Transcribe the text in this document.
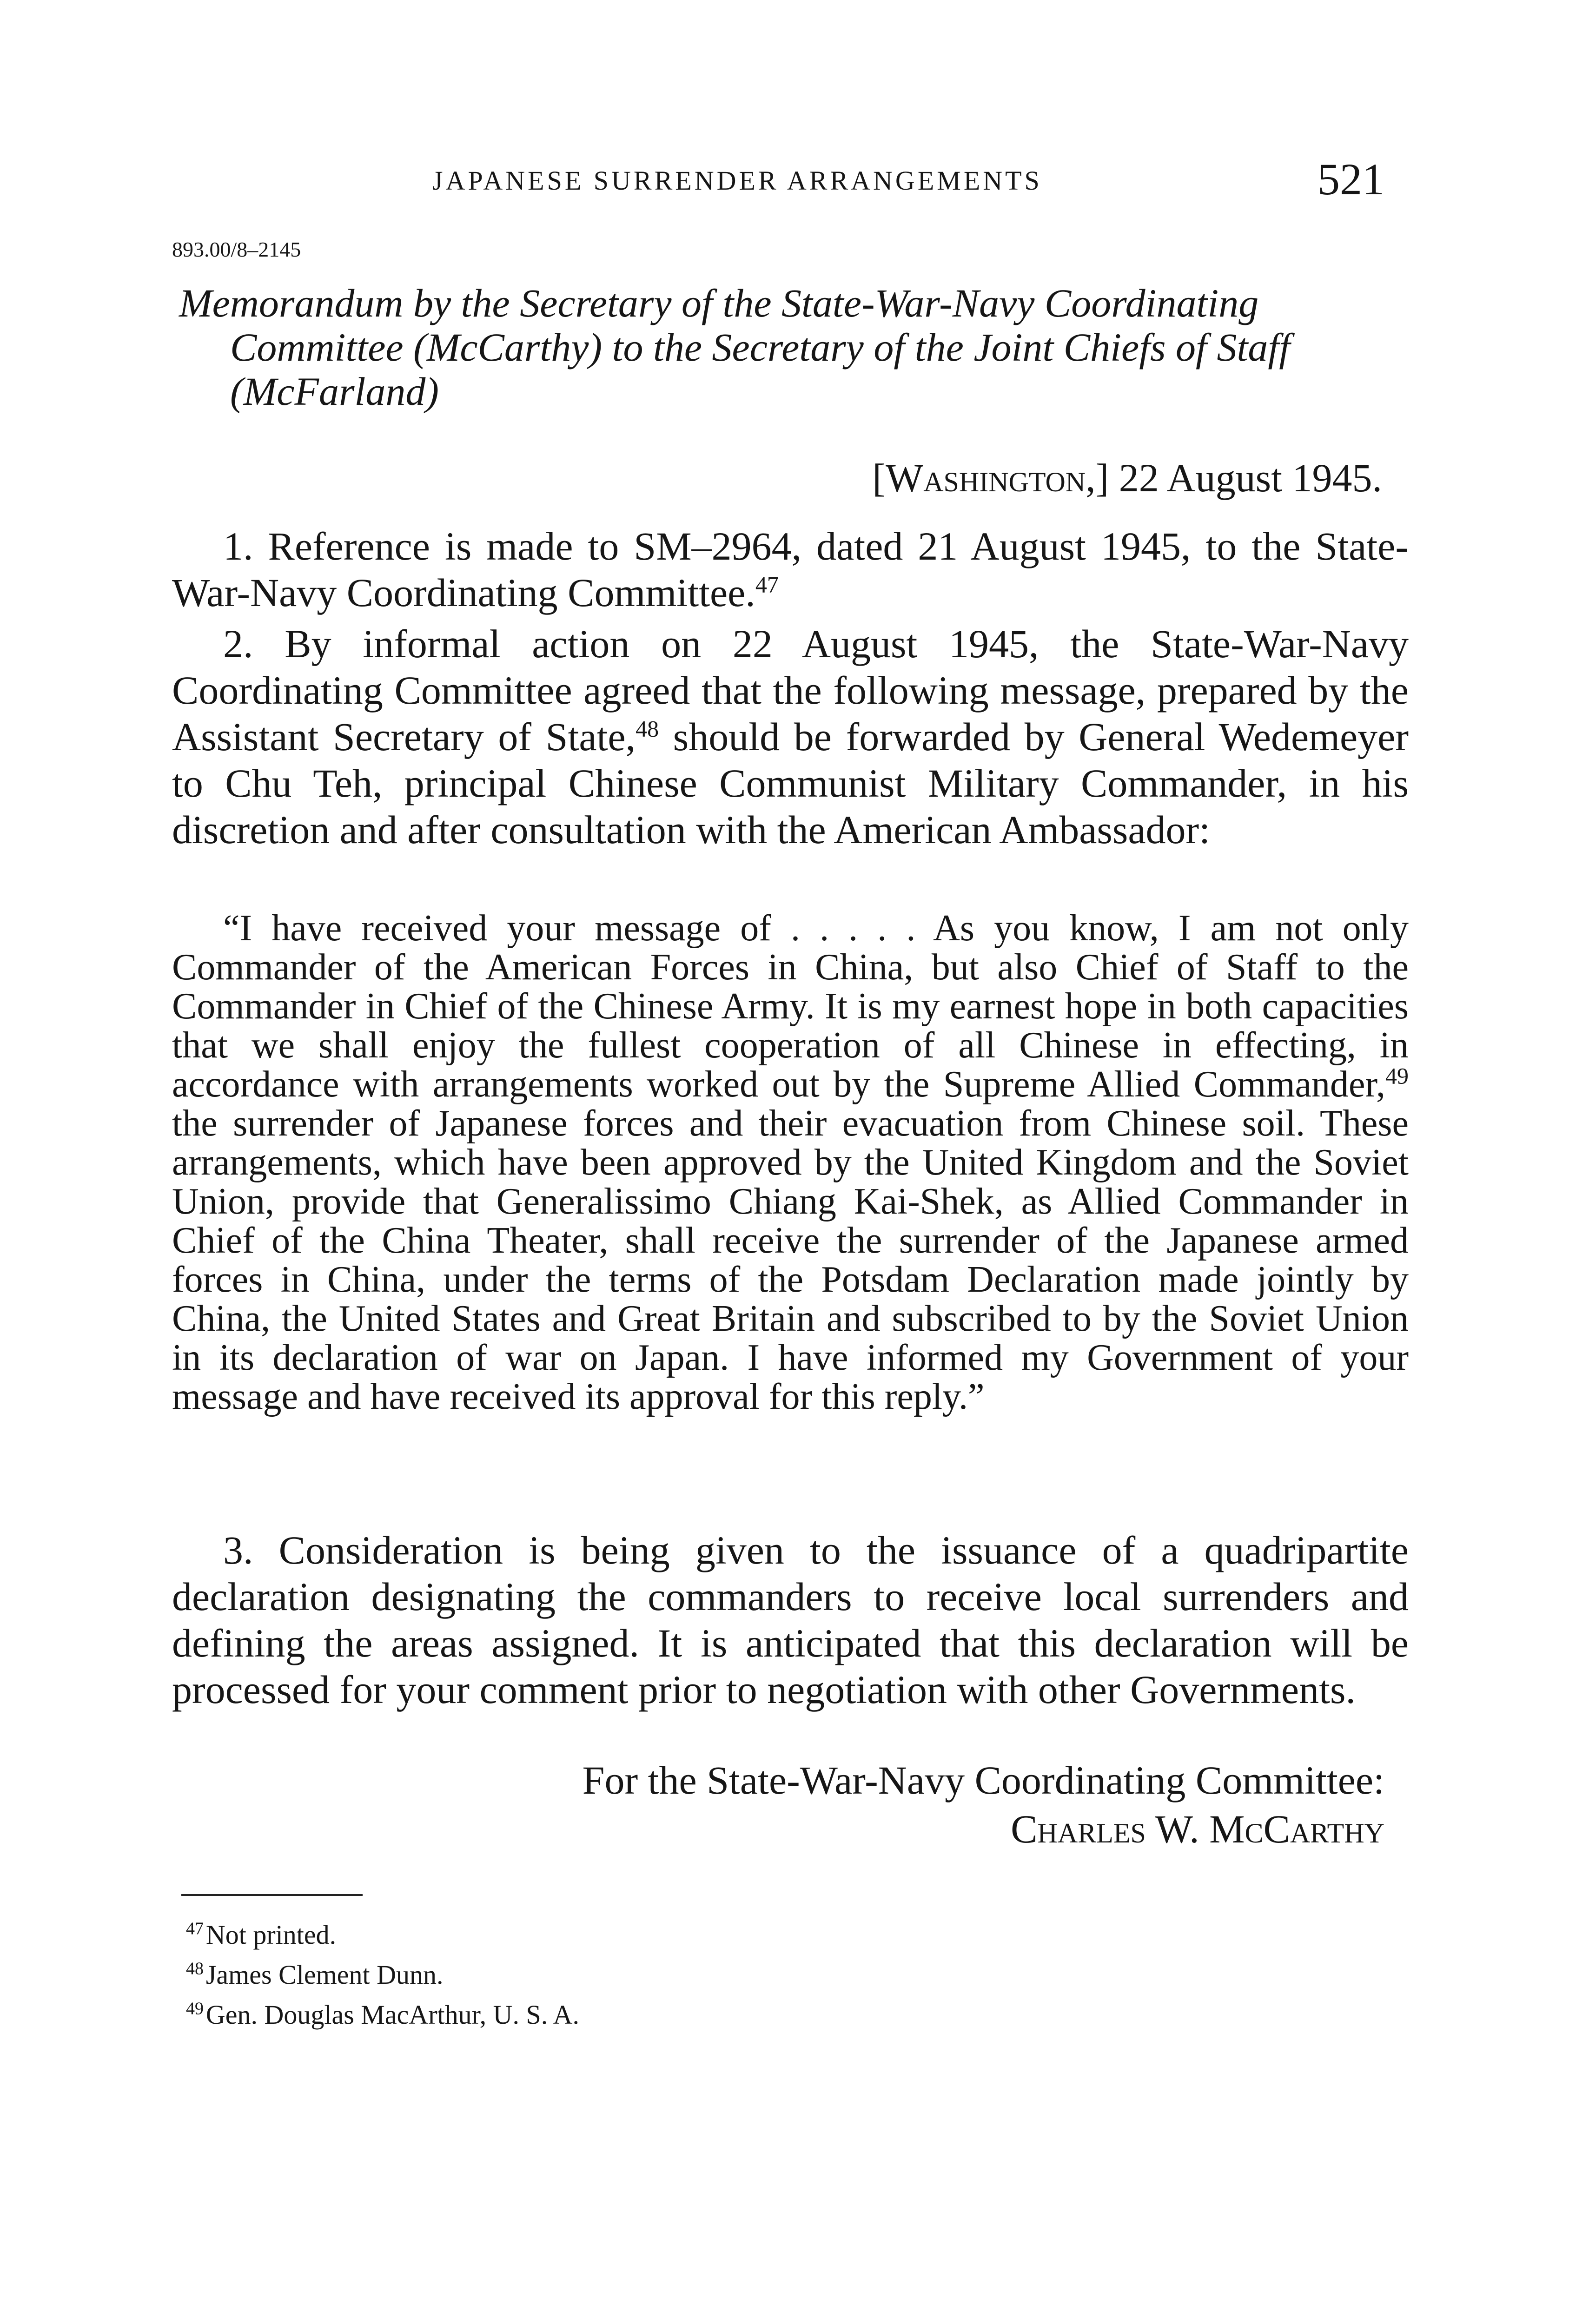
JAPANESE SURRENDER ARRANGEMENTS	521
893.00/8–2145
Memorandum by the Secretary of the State-War-Navy Coordinating
Committee (McCarthy) to the Secretary of the Joint Chiefs of Staff
(McFarland)
[Washington,] 22 August 1945.

1. Reference is made to SM–2964, dated 21 August 1945, to the State-War-Navy Coordinating Committee.$^{47}$

2. By informal action on 22 August 1945, the State-War-Navy Coordinating Committee agreed that the following message, prepared by the Assistant Secretary of State,$^{48}$ should be forwarded by General Wedemeyer to Chu Teh, principal Chinese Communist Military Commander, in his discretion and after consultation with the American Ambassador:

“I have received your message of . . . . . As you know, I am not only Commander of the American Forces in China, but also Chief of Staff to the Commander in Chief of the Chinese Army. It is my earnest hope in both capacities that we shall enjoy the fullest cooperation of all Chinese in effecting, in accordance with arrangements worked out by the Supreme Allied Commander,$^{49}$ the surrender of Japanese forces and their evacuation from Chinese soil. These arrangements, which have been approved by the United Kingdom and the Soviet Union, provide that Generalissimo Chiang Kai-Shek, as Allied Commander in Chief of the China Theater, shall receive the surrender of the Japanese armed forces in China, under the terms of the Potsdam Declaration made jointly by China, the United States and Great Britain and subscribed to by the Soviet Union in its declaration of war on Japan. I have informed my Government of your message and have received its approval for this reply.”

3. Consideration is being given to the issuance of a quadripartite declaration designating the commanders to receive local surrenders and defining the areas assigned. It is anticipated that this declaration will be processed for your comment prior to negotiation with other Governments.

For the State-War-Navy Coordinating Committee:
Charles W. McCarthy
$^{47}$ Not printed.
$^{48}$ James Clement Dunn.
$^{49}$ Gen. Douglas MacArthur, U. S. A.
